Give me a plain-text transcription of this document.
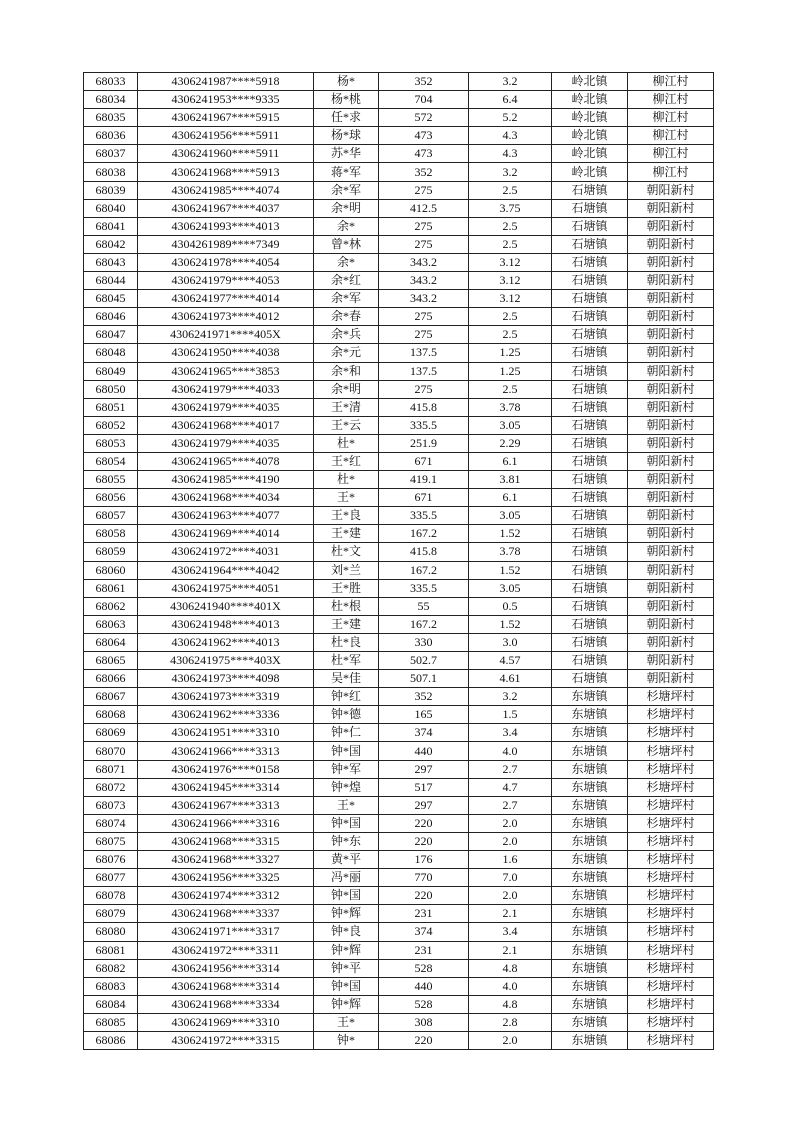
68033	4306241987****5918	杨*	352	3.2	岭北镇	柳江村
68034	4306241953****9335	杨*桃	704	6.4	岭北镇	柳江村
68035	4306241967****5915	任*求	572	5.2	岭北镇	柳江村
68036	4306241956****5911	杨*球	473	4.3	岭北镇	柳江村
68037	4306241960****5911	苏*华	473	4.3	岭北镇	柳江村
68038	4306241968****5913	蒋*军	352	3.2	岭北镇	柳江村
68039	4306241985****4074	余*军	275	2.5	石塘镇	朝阳新村
68040	4306241967****4037	余*明	412.5	3.75	石塘镇	朝阳新村
68041	4306241993****4013	余*	275	2.5	石塘镇	朝阳新村
68042	4304261989****7349	曾*林	275	2.5	石塘镇	朝阳新村
68043	4306241978****4054	余*	343.2	3.12	石塘镇	朝阳新村
68044	4306241979****4053	余*红	343.2	3.12	石塘镇	朝阳新村
68045	4306241977****4014	余*军	343.2	3.12	石塘镇	朝阳新村
68046	4306241973****4012	余*春	275	2.5	石塘镇	朝阳新村
68047	4306241971****405X	余*兵	275	2.5	石塘镇	朝阳新村
68048	4306241950****4038	余*元	137.5	1.25	石塘镇	朝阳新村
68049	4306241965****3853	余*和	137.5	1.25	石塘镇	朝阳新村
68050	4306241979****4033	余*明	275	2.5	石塘镇	朝阳新村
68051	4306241979****4035	王*清	415.8	3.78	石塘镇	朝阳新村
68052	4306241968****4017	王*云	335.5	3.05	石塘镇	朝阳新村
68053	4306241979****4035	杜*	251.9	2.29	石塘镇	朝阳新村
68054	4306241965****4078	王*红	671	6.1	石塘镇	朝阳新村
68055	4306241985****4190	杜*	419.1	3.81	石塘镇	朝阳新村
68056	4306241968****4034	王*	671	6.1	石塘镇	朝阳新村
68057	4306241963****4077	王*良	335.5	3.05	石塘镇	朝阳新村
68058	4306241969****4014	王*建	167.2	1.52	石塘镇	朝阳新村
68059	4306241972****4031	杜*文	415.8	3.78	石塘镇	朝阳新村
68060	4306241964****4042	刘*兰	167.2	1.52	石塘镇	朝阳新村
68061	4306241975****4051	王*胜	335.5	3.05	石塘镇	朝阳新村
68062	4306241940****401X	杜*根	55	0.5	石塘镇	朝阳新村
68063	4306241948****4013	王*建	167.2	1.52	石塘镇	朝阳新村
68064	4306241962****4013	杜*良	330	3.0	石塘镇	朝阳新村
68065	4306241975****403X	杜*军	502.7	4.57	石塘镇	朝阳新村
68066	4306241973****4098	吴*佳	507.1	4.61	石塘镇	朝阳新村
68067	4306241973****3319	钟*红	352	3.2	东塘镇	杉塘坪村
68068	4306241962****3336	钟*德	165	1.5	东塘镇	杉塘坪村
68069	4306241951****3310	钟*仁	374	3.4	东塘镇	杉塘坪村
68070	4306241966****3313	钟*国	440	4.0	东塘镇	杉塘坪村
68071	4306241976****0158	钟*军	297	2.7	东塘镇	杉塘坪村
68072	4306241945****3314	钟*煌	517	4.7	东塘镇	杉塘坪村
68073	4306241967****3313	王*	297	2.7	东塘镇	杉塘坪村
68074	4306241966****3316	钟*国	220	2.0	东塘镇	杉塘坪村
68075	4306241968****3315	钟*东	220	2.0	东塘镇	杉塘坪村
68076	4306241968****3327	黄*平	176	1.6	东塘镇	杉塘坪村
68077	4306241956****3325	冯*丽	770	7.0	东塘镇	杉塘坪村
68078	4306241974****3312	钟*国	220	2.0	东塘镇	杉塘坪村
68079	4306241968****3337	钟*辉	231	2.1	东塘镇	杉塘坪村
68080	4306241971****3317	钟*良	374	3.4	东塘镇	杉塘坪村
68081	4306241972****3311	钟*辉	231	2.1	东塘镇	杉塘坪村
68082	4306241956****3314	钟*平	528	4.8	东塘镇	杉塘坪村
68083	4306241968****3314	钟*国	440	4.0	东塘镇	杉塘坪村
68084	4306241968****3334	钟*辉	528	4.8	东塘镇	杉塘坪村
68085	4306241969****3310	王*	308	2.8	东塘镇	杉塘坪村
68086	4306241972****3315	钟*	220	2.0	东塘镇	杉塘坪村
